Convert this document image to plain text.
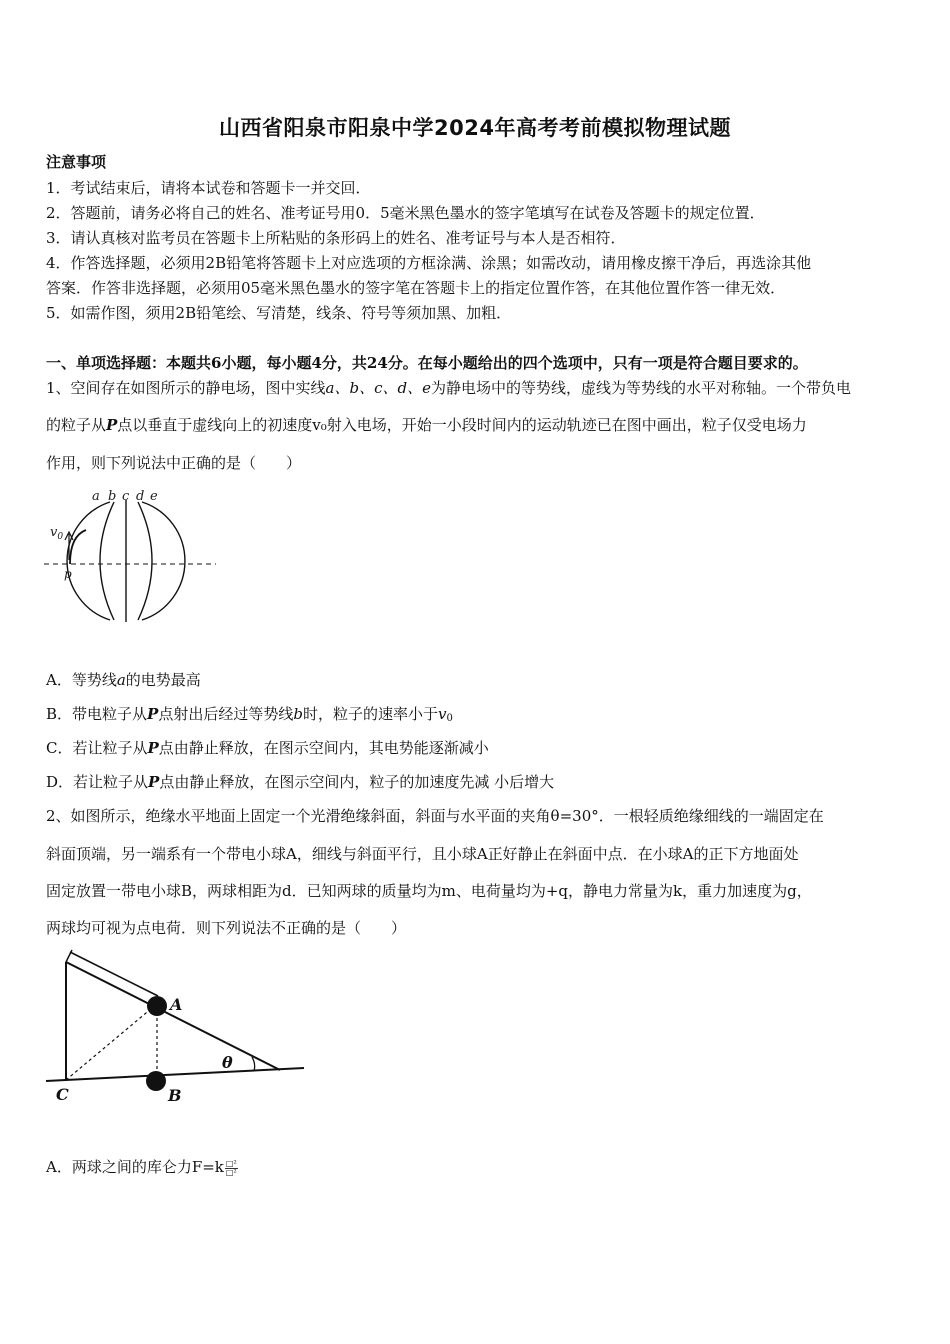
山西省阳泉市阳泉中学2024年高考考前模拟物理试题
注意事项
1．考试结束后，请将本试卷和答题卡一并交回．
2．答题前，请务必将自己的姓名、准考证号用0．5毫米黑色墨水的签字笔填写在试卷及答题卡的规定位置．
3．请认真核对监考员在答题卡上所粘贴的条形码上的姓名、准考证号与本人是否相符．
4．作答选择题，必须用2B铅笔将答题卡上对应选项的方框涂满、涂黑；如需改动，请用橡皮擦干净后，再选涂其他
答案．作答非选择题，必须用05毫米黑色墨水的签字笔在答题卡上的指定位置作答，在其他位置作答一律无效．
5．如需作图，须用2B铅笔绘、写清楚，线条、符号等须加黑、加粗．
一、单项选择题：本题共6小题，每小题4分，共24分。在每小题给出的四个选项中，只有一项是符合题目要求的。
1、空间存在如图所示的静电场，图中实线a、b、c、d、e为静电场中的等势线，虚线为等势线的水平对称轴。一个带负电
的粒子从P点以垂直于虚线向上的初速度v₀射入电场，开始一小段时间内的运动轨迹已在图中画出，粒子仅受电场力
作用，则下列说法中正确的是（　　）
a b c d e
$v_0$
p
A．等势线a的电势最高
B．带电粒子从P点射出后经过等势线b时，粒子的速率小于$v_0$
C．若让粒子从P点由静止释放，在图示空间内，其电势能逐渐减小
D．若让粒子从P点由静止释放，在图示空间内，粒子的加速度先减 小后增大
2、如图所示，绝缘水平地面上固定一个光滑绝缘斜面，斜面与水平面的夹角θ=30°．一根轻质绝缘细线的一端固定在
斜面顶端，另一端系有一个带电小球A，细线与斜面平行，且小球A正好静止在斜面中点．在小球A的正下方地面处
固定放置一带电小球B，两球相距为d．已知两球的质量均为m、电荷量均为+q，静电力常量为k，重力加速度为g，
两球均可视为点电荷．则下列说法不正确的是（　　）
A
B
C
θ
A．两球之间的库仑力$F=k \frac{\text{□²}}{\text{□²}}$
